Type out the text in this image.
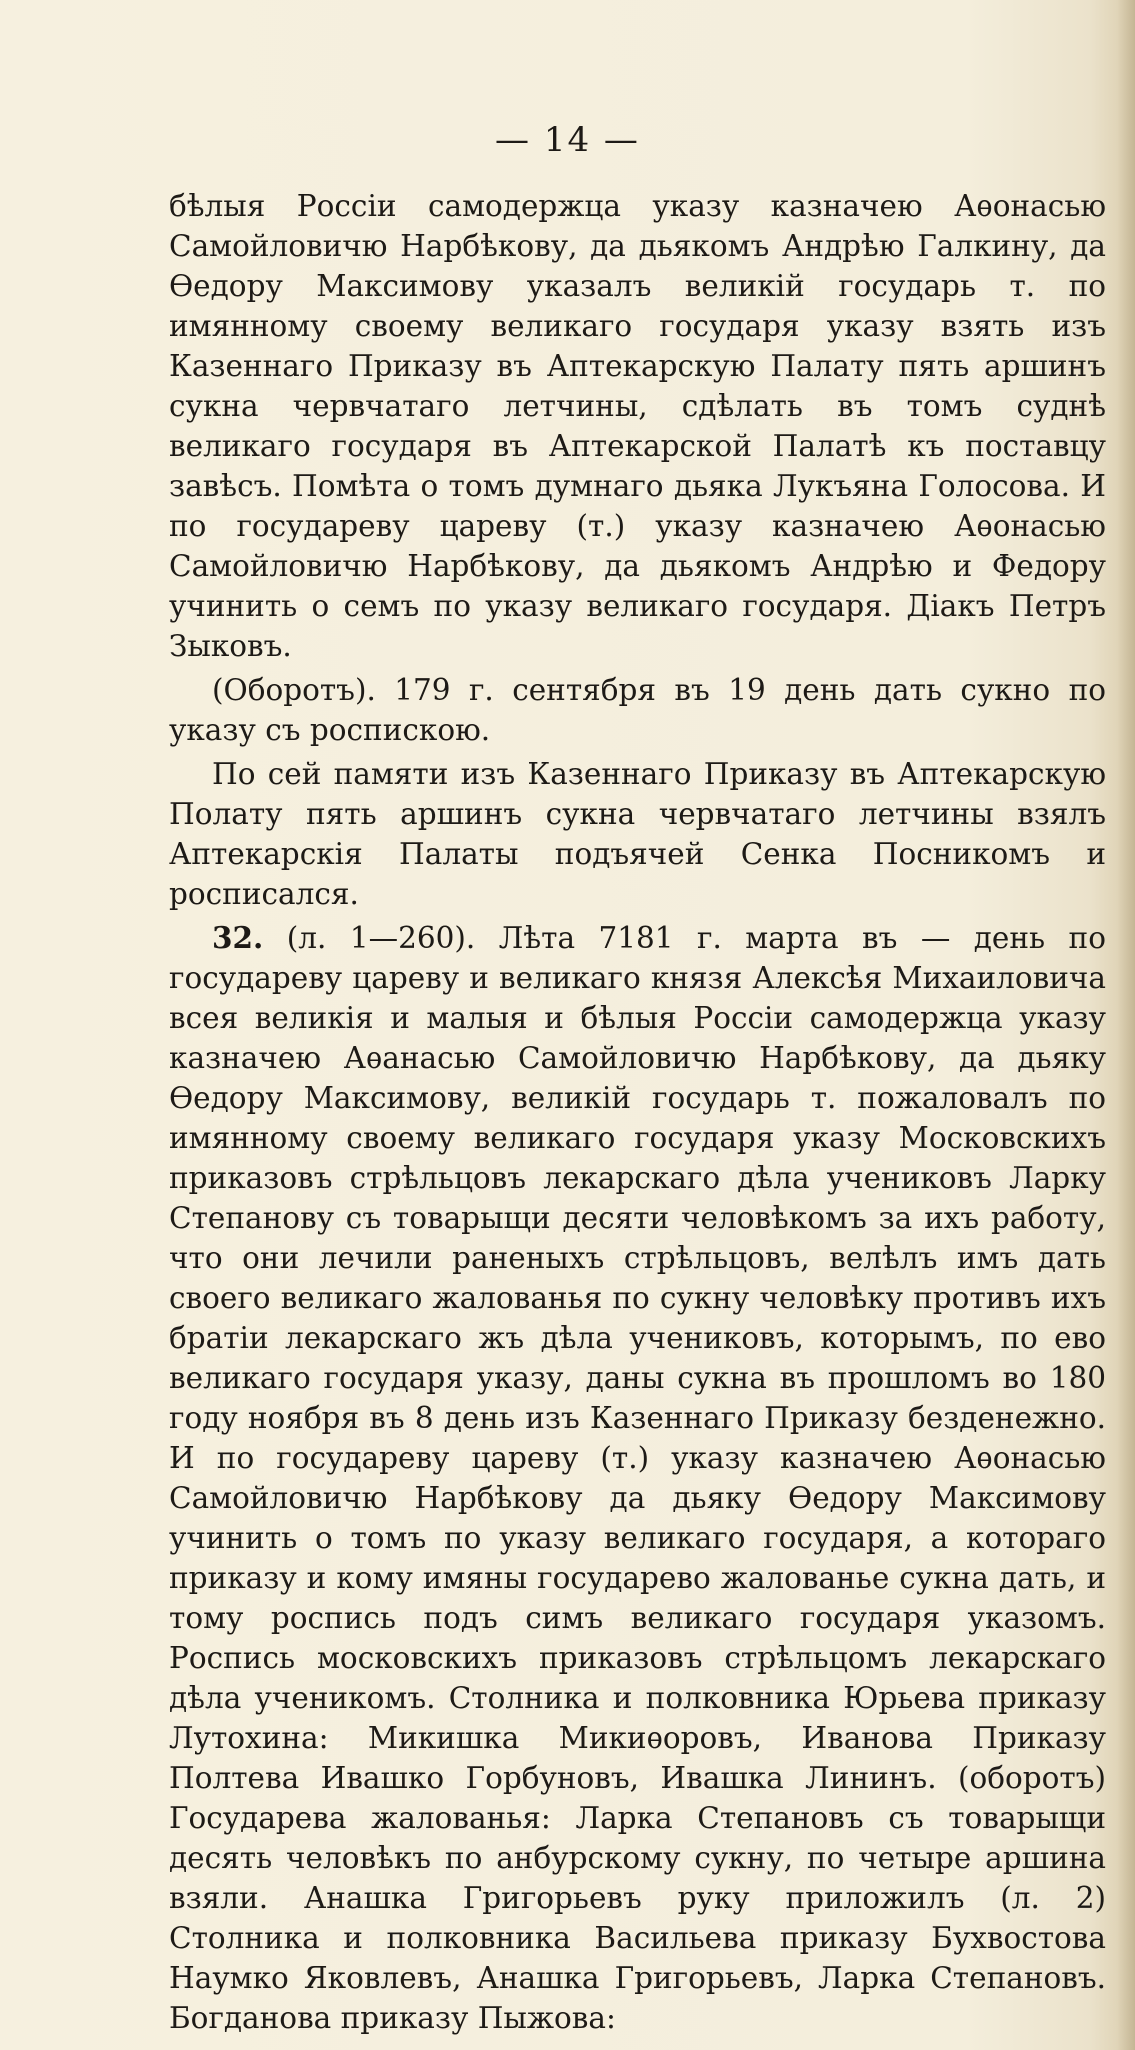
— 14 —

бѣлыя Россіи самодержца указу казначею Аѳонасью Самойловичю Нарбѣкову, да дьякомъ Андрѣю Галкину, да Ѳедору Максимову указалъ великій государь т. по имянному своему великаго государя указу взять изъ Казеннаго Приказу въ Аптекарскую Палату пять аршинъ сукна червчатаго летчины, сдѣлать въ томъ суднѣ великаго государя въ Аптекарской Палатѣ къ поставцу завѣсъ. Помѣта о томъ думнаго дьяка Лукъяна Голосова. И по государеву цареву (т.) указу казначею Аѳонасью Самойловичю Нарбѣкову, да дьякомъ Андрѣю и Федору учинить о семъ по указу великаго государя. Діакъ Петръ Зыковъ.

(Оборотъ). 179 г. сентября въ 19 день дать сукно по указу съ роспискою.

По сей памяти изъ Казеннаго Приказу въ Аптекарскую Полату пять аршинъ сукна червчатаго летчины взялъ Аптекарскія Палаты подъячей Сенка Посникомъ и росписался.

32. (л. 1—260). Лѣта 7181 г. марта въ — день по государеву цареву и великаго князя Алексѣя Михаиловича всея великія и малыя и бѣлыя Россіи самодержца указу казначею Аѳанасью Самойловичю Нарбѣкову, да дьяку Ѳедору Максимову, великій государь т. пожаловалъ по имянному своему великаго государя указу Московскихъ приказовъ стрѣльцовъ лекарскаго дѣла учениковъ Ларку Степанову съ товарыщи десяти человѣкомъ за ихъ работу, что они лечили раненыхъ стрѣльцовъ, велѣлъ имъ дать своего великаго жалованья по сукну человѣку противъ ихъ братіи лекарскаго жъ дѣла учениковъ, которымъ, по ево великаго государя указу, даны сукна въ прошломъ во 180 году ноября въ 8 день изъ Казеннаго Приказу безденежно. И по государеву цареву (т.) указу казначею Аѳонасью Самойловичю Нарбѣкову да дьяку Ѳедору Максимову учинить о томъ по указу великаго государя, а котораго приказу и кому имяны государево жалованье сукна дать, и тому роспись подъ симъ великаго государя указомъ. Роспись московскихъ приказовъ стрѣльцомъ лекарскаго дѣла ученикомъ. Столника и полковника Юрьева приказу Лутохина: Микишка Микиѳоровъ, Иванова Приказу Полтева Ивашко Горбуновъ, Ивашка Лининъ. (оборотъ) Государева жалованья: Ларка Степановъ съ товарыщи десять человѣкъ по анбурскому сукну, по четыре аршина взяли. Анашка Григорьевъ руку приложилъ (л. 2) Столника и полковника Васильева приказу Бухвостова Наумко Яковлевъ, Анашка Григорьевъ, Ларка Степановъ. Богданова приказу Пыжова:
